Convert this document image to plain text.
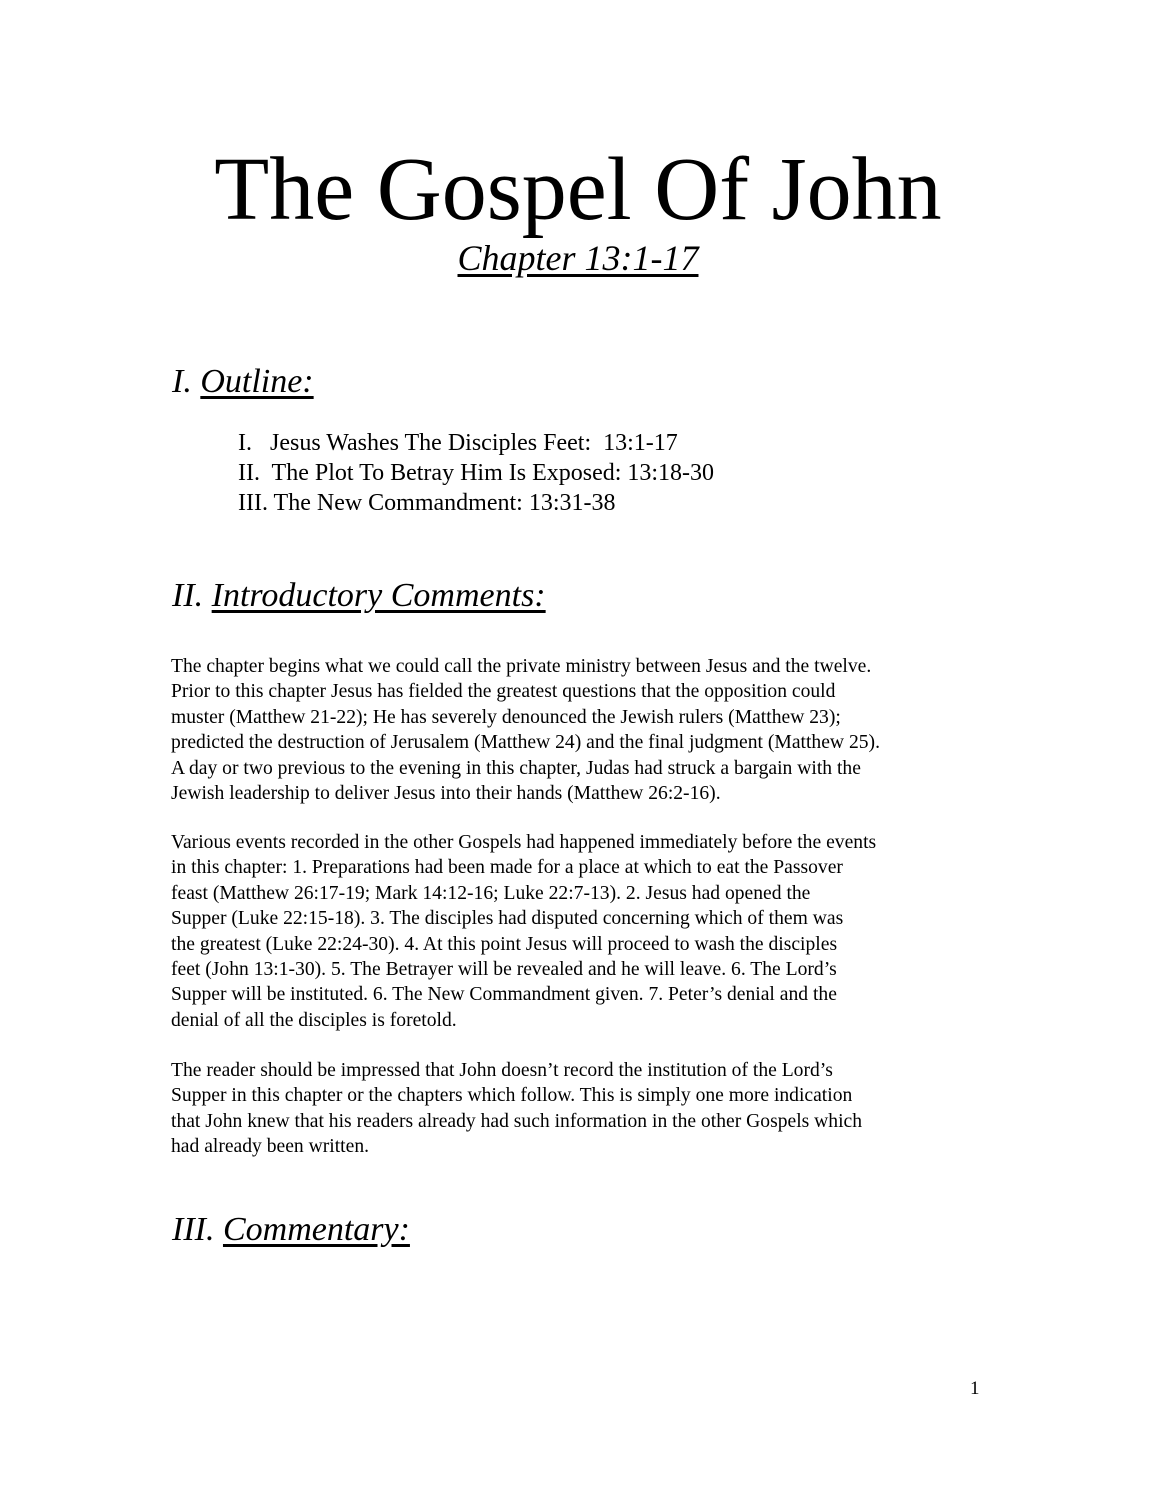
The Gospel Of John
Chapter 13:1-17
I. Outline:
I.   Jesus Washes The Disciples Feet:  13:1-17
II.  The Plot To Betray Him Is Exposed: 13:18-30
III. The New Commandment: 13:31-38
II. Introductory Comments:

The chapter begins what we could call the private ministry between Jesus and the twelve.
Prior to this chapter Jesus has fielded the greatest questions that the opposition could
muster (Matthew 21-22); He has severely denounced the Jewish rulers (Matthew 23);
predicted the destruction of Jerusalem (Matthew 24) and the final judgment (Matthew 25).
A day or two previous to the evening in this chapter, Judas had struck a bargain with the
Jewish leadership to deliver Jesus into their hands (Matthew 26:2-16).

Various events recorded in the other Gospels had happened immediately before the events
in this chapter: 1. Preparations had been made for a place at which to eat the Passover
feast (Matthew 26:17-19; Mark 14:12-16; Luke 22:7-13). 2. Jesus had opened the
Supper (Luke 22:15-18). 3. The disciples had disputed concerning which of them was
the greatest (Luke 22:24-30). 4. At this point Jesus will proceed to wash the disciples
feet (John 13:1-30). 5. The Betrayer will be revealed and he will leave. 6. The Lord’s
Supper will be instituted. 6. The New Commandment given. 7. Peter’s denial and the
denial of all the disciples is foretold.

The reader should be impressed that John doesn’t record the institution of the Lord’s
Supper in this chapter or the chapters which follow. This is simply one more indication
that John knew that his readers already had such information in the other Gospels which
had already been written.

III. Commentary:
1
